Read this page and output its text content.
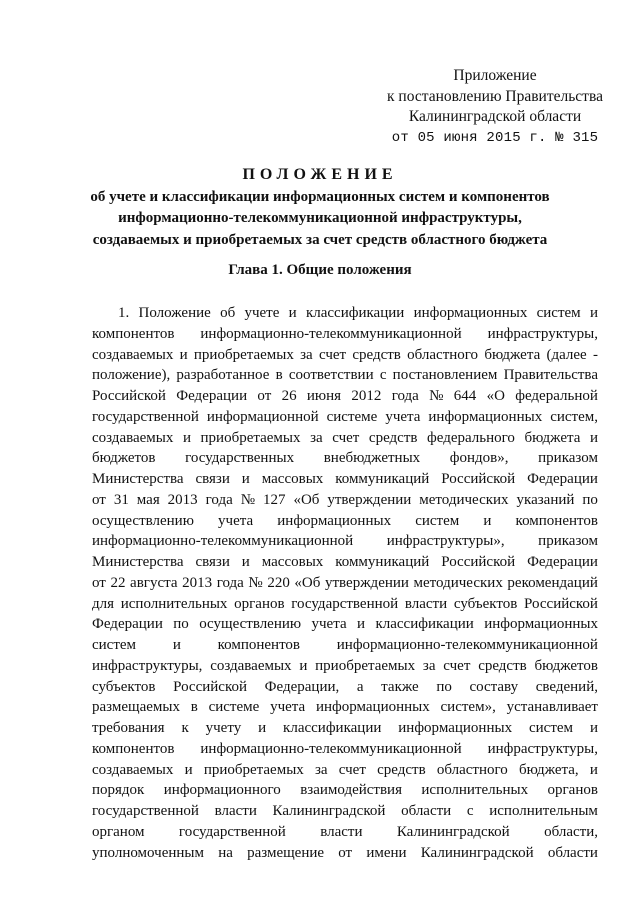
Приложение
к постановлению Правительства
Калининградской области
от 05 июня 2015 г. № 315
ПОЛОЖЕНИЕ
об учете и классификации информационных систем и компонентов
информационно-телекоммуникационной инфраструктуры,
создаваемых и приобретаемых за счет средств областного бюджета
Глава 1. Общие положения
1. Положение об учете и классификации информационных систем и
компонентов информационно-телекоммуникационной инфраструктуры,
создаваемых и приобретаемых за счет средств областного бюджета (далее -
положение), разработанное в соответствии с постановлением Правительства
Российской Федерации от 26 июня 2012 года № 644 «О федеральной
государственной информационной системе учета информационных систем,
создаваемых и приобретаемых за счет средств федерального бюджета и
бюджетов государственных внебюджетных фондов», приказом
Министерства связи и массовых коммуникаций Российской Федерации
от 31 мая 2013 года № 127 «Об утверждении методических указаний по
осуществлению учета информационных систем и компонентов
информационно-телекоммуникационной инфраструктуры», приказом
Министерства связи и массовых коммуникаций Российской Федерации
от 22 августа 2013 года № 220 «Об утверждении методических рекомендаций
для исполнительных органов государственной власти субъектов Российской
Федерации по осуществлению учета и классификации информационных
систем и компонентов информационно-телекоммуникационной
инфраструктуры, создаваемых и приобретаемых за счет средств бюджетов
субъектов Российской Федерации, а также по составу сведений,
размещаемых в системе учета информационных систем», устанавливает
требования к учету и классификации информационных систем и
компонентов информационно-телекоммуникационной инфраструктуры,
создаваемых и приобретаемых за счет средств областного бюджета, и
порядок информационного взаимодействия исполнительных органов
государственной власти Калининградской области с исполнительным
органом государственной власти Калининградской области,
уполномоченным на размещение от имени Калининградской области
